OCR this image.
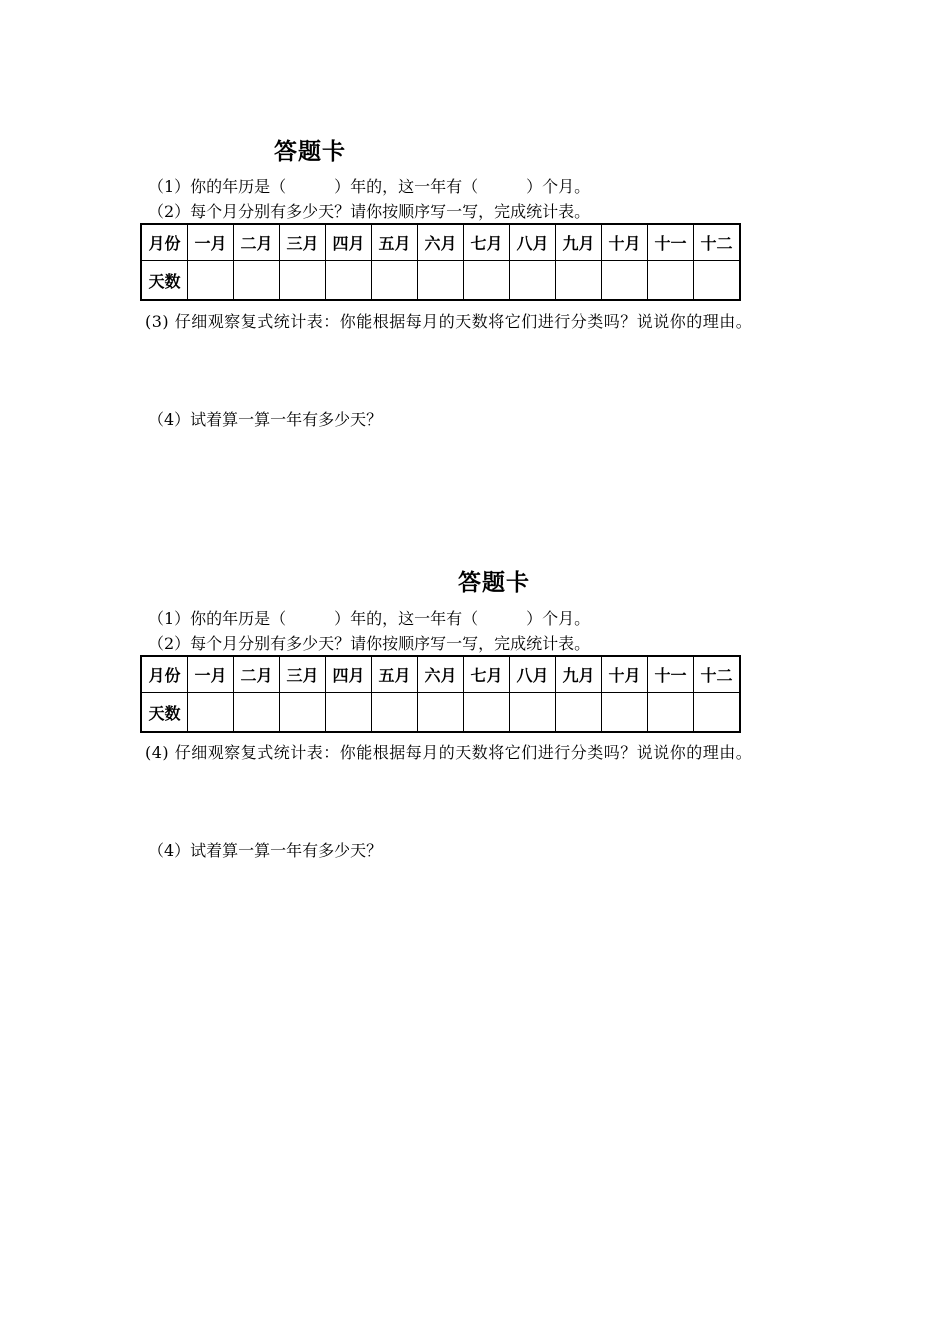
答题卡
（1）你的年历是（　　　）年的，这一年有（　　　）个月。
（2）每个月分别有多少天？请你按顺序写一写，完成统计表。
月份	一月	二月	三月	四月	五月	六月	七月	八月	九月	十月	十一	十二
天数												
(3) 仔细观察复式统计表：你能根据每月的天数将它们进行分类吗？说说你的理由。
（4）试着算一算一年有多少天？
答题卡
（1）你的年历是（　　　）年的，这一年有（　　　）个月。
（2）每个月分别有多少天？请你按顺序写一写，完成统计表。
月份	一月	二月	三月	四月	五月	六月	七月	八月	九月	十月	十一	十二
天数												
(4) 仔细观察复式统计表：你能根据每月的天数将它们进行分类吗？说说你的理由。
（4）试着算一算一年有多少天？
